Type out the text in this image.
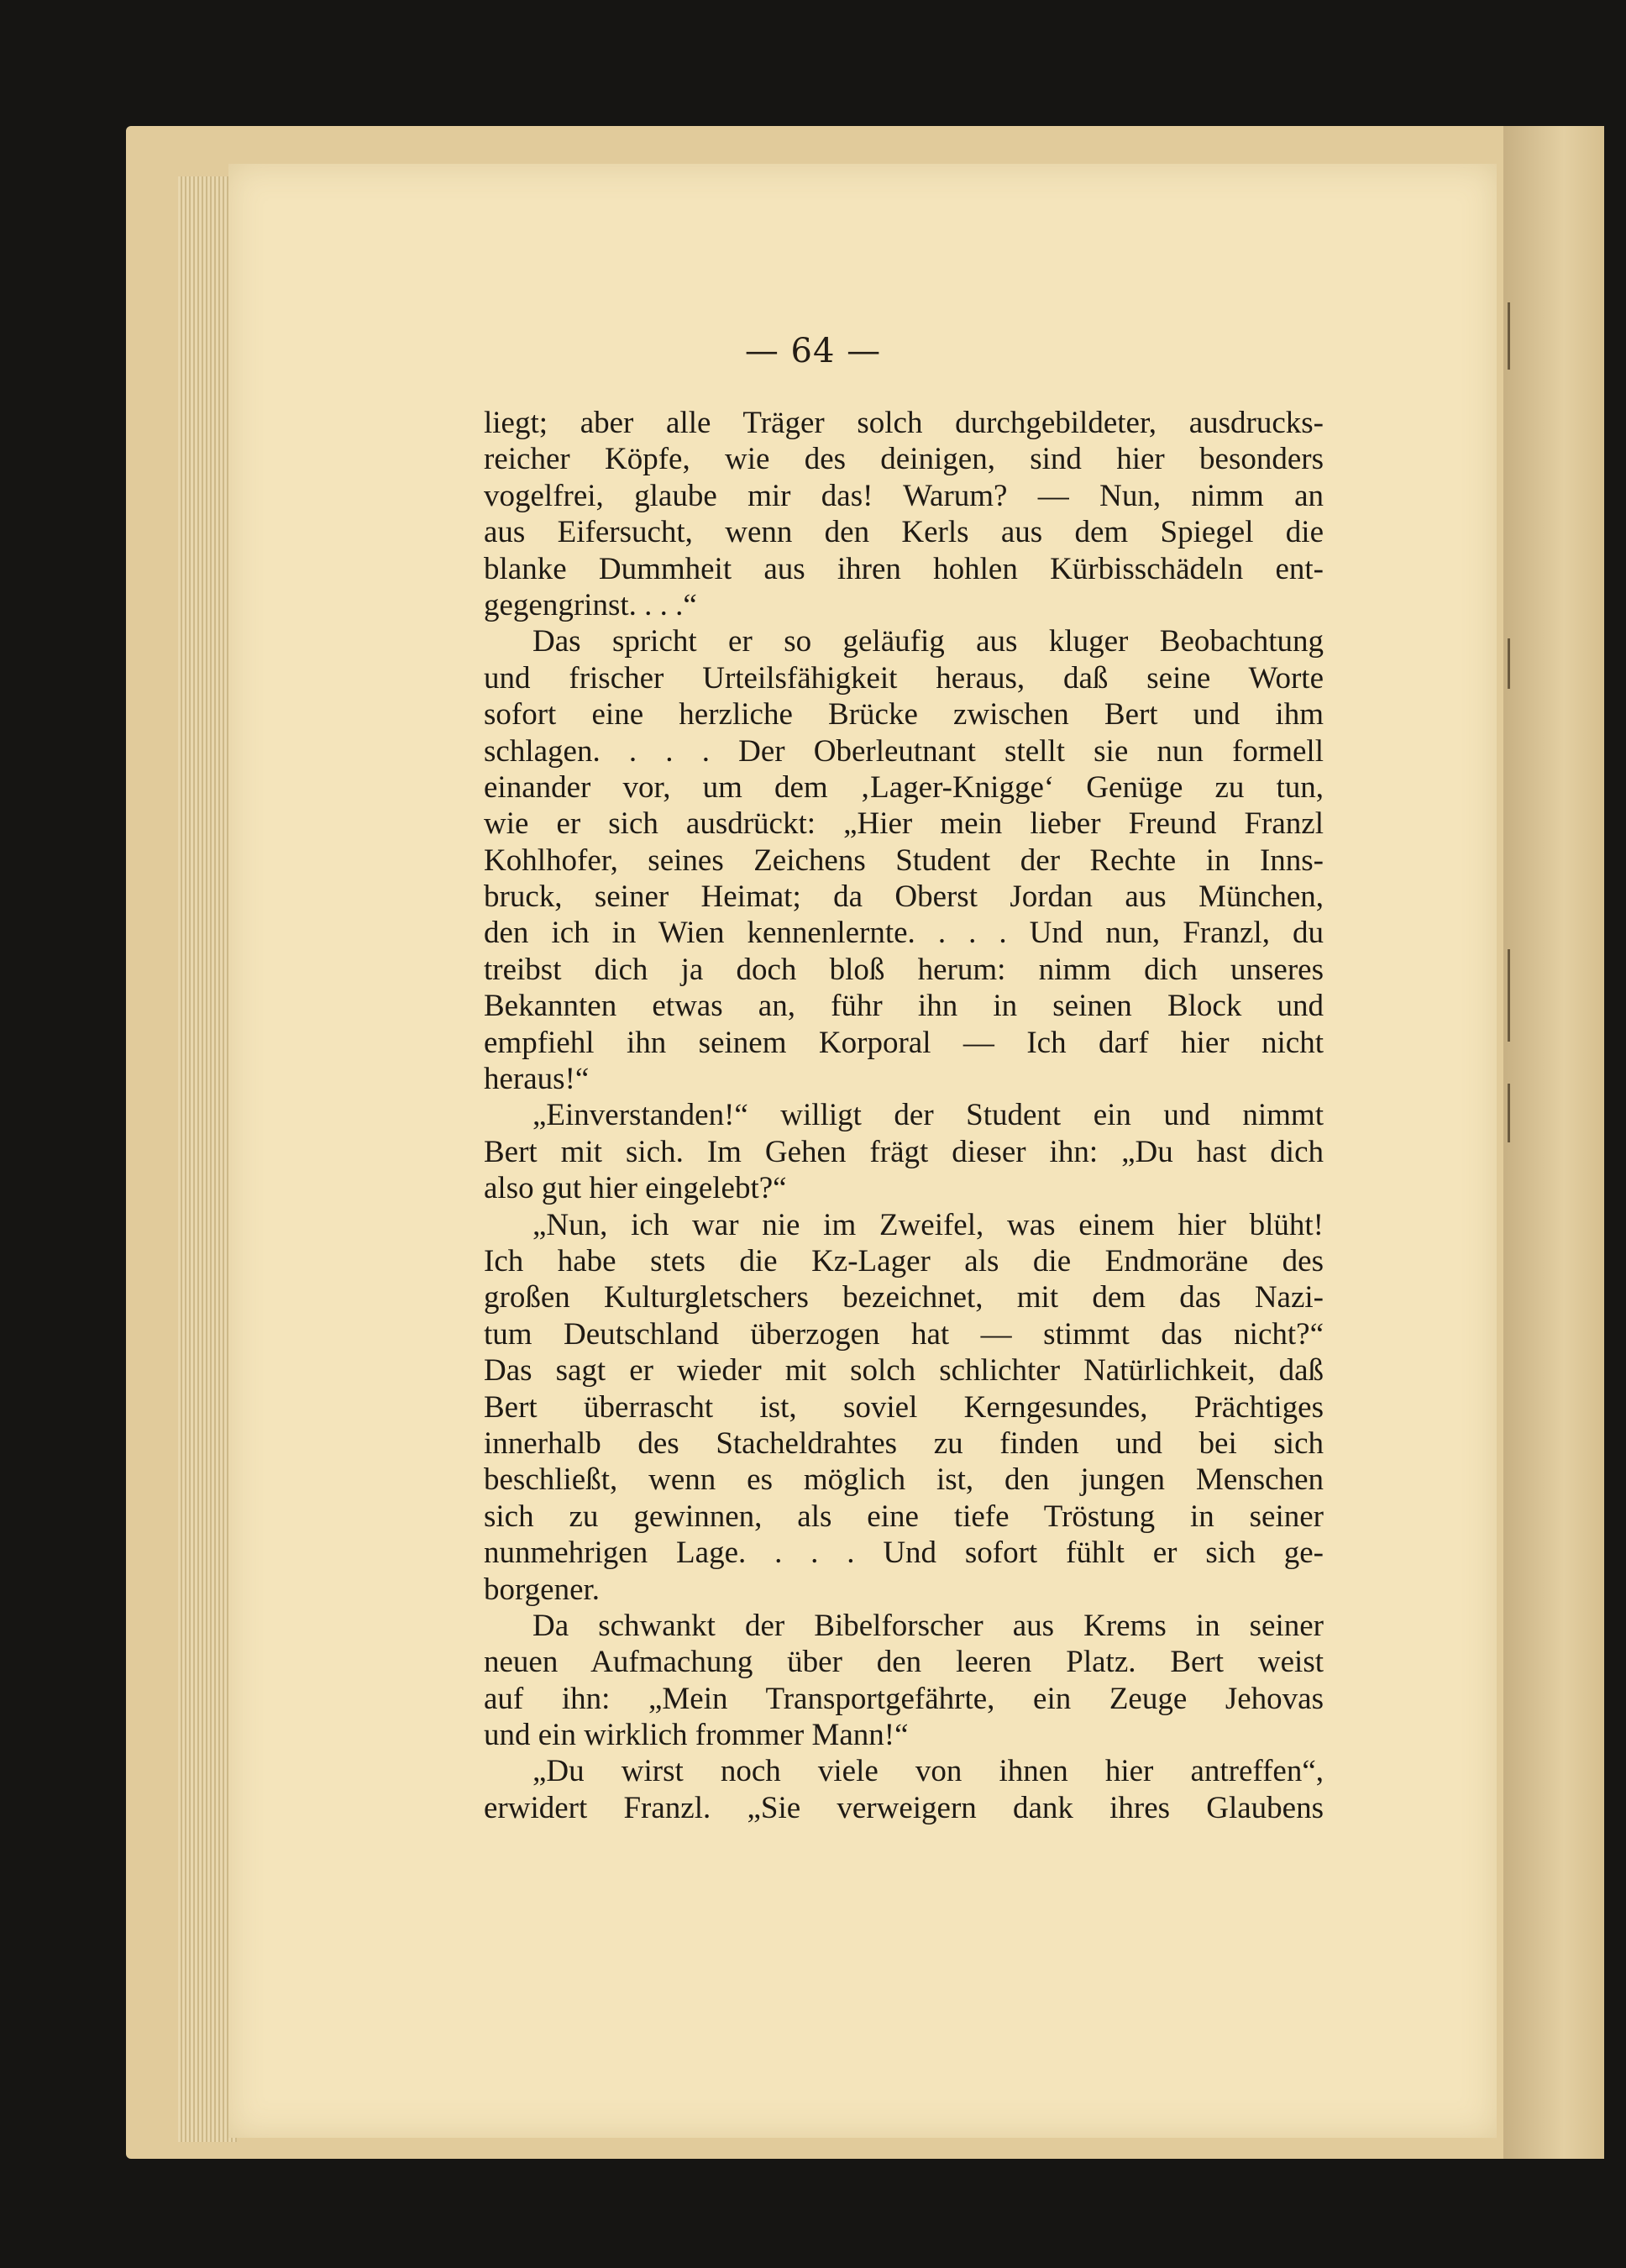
— 64 —
liegt; aber alle Träger solch durchgebildeter, ausdrucks-
reicher Köpfe, wie des deinigen, sind hier besonders
vogelfrei, glaube mir das! Warum? — Nun, nimm an
aus Eifersucht, wenn den Kerls aus dem Spiegel die
blanke Dummheit aus ihren hohlen Kürbisschädeln ent-
gegengrinst. . . .“
Das spricht er so geläufig aus kluger Beobachtung
und frischer Urteilsfähigkeit heraus, daß seine Worte
sofort eine herzliche Brücke zwischen Bert und ihm
schlagen. . . . Der Oberleutnant stellt sie nun formell
einander vor, um dem ‚Lager-Knigge‘ Genüge zu tun,
wie er sich ausdrückt: „Hier mein lieber Freund Franzl
Kohlhofer, seines Zeichens Student der Rechte in Inns-
bruck, seiner Heimat; da Oberst Jordan aus München,
den ich in Wien kennenlernte. . . . Und nun, Franzl, du
treibst dich ja doch bloß herum: nimm dich unseres
Bekannten etwas an, führ ihn in seinen Block und
empfiehl ihn seinem Korporal — Ich darf hier nicht
heraus!“
„Einverstanden!“ willigt der Student ein und nimmt
Bert mit sich. Im Gehen frägt dieser ihn: „Du hast dich
also gut hier eingelebt?“
„Nun, ich war nie im Zweifel, was einem hier blüht!
Ich habe stets die Kz-Lager als die Endmoräne des
großen Kulturgletschers bezeichnet, mit dem das Nazi-
tum Deutschland überzogen hat — stimmt das nicht?“
Das sagt er wieder mit solch schlichter Natürlichkeit, daß
Bert überrascht ist, soviel Kerngesundes, Prächtiges
innerhalb des Stacheldrahtes zu finden und bei sich
beschließt, wenn es möglich ist, den jungen Menschen
sich zu gewinnen, als eine tiefe Tröstung in seiner
nunmehrigen Lage. . . . Und sofort fühlt er sich ge-
borgener.
Da schwankt der Bibelforscher aus Krems in seiner
neuen Aufmachung über den leeren Platz. Bert weist
auf ihn: „Mein Transportgefährte, ein Zeuge Jehovas
und ein wirklich frommer Mann!“
„Du wirst noch viele von ihnen hier antreffen“,
erwidert Franzl. „Sie verweigern dank ihres Glaubens
